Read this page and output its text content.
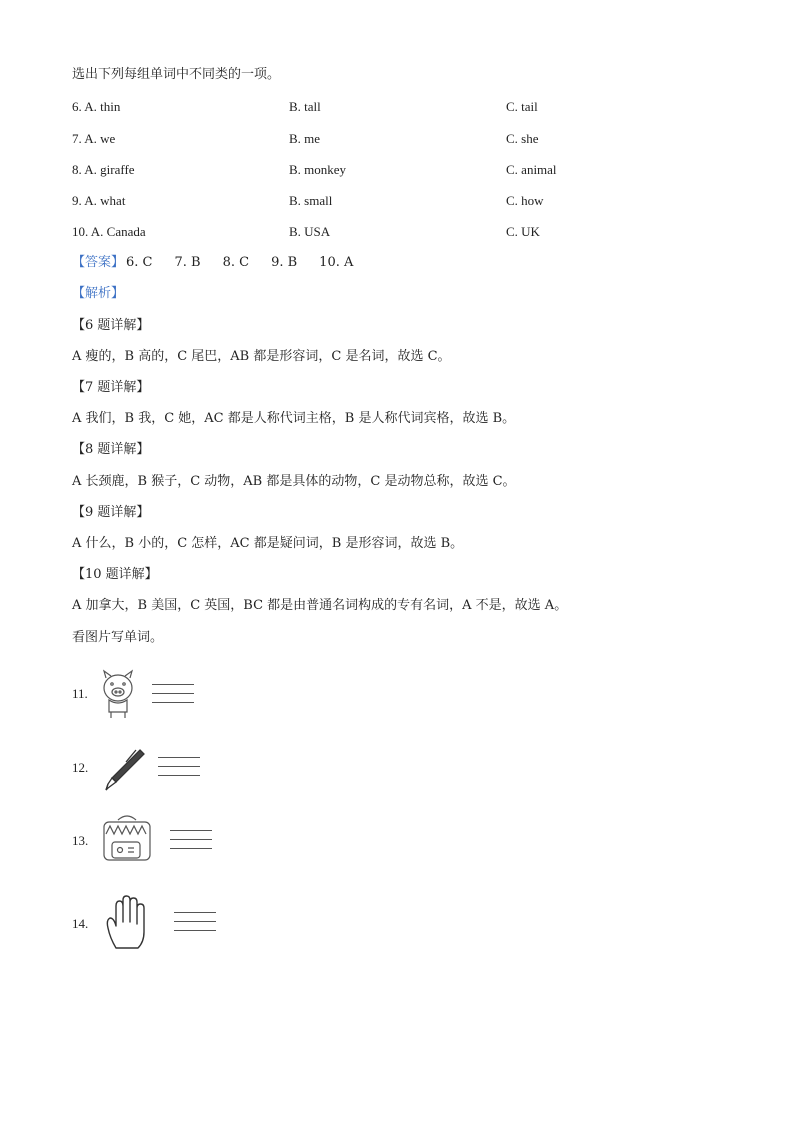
选出下列每组单词中不同类的一项。
6. A. thin	B. tall	C. tail
7. A. we	B. me	C. she
8. A. giraffe	B. monkey	C. animal
9. A. what	B. small	C. how
10. A. Canada	B. USA	C. UK
【答案】 6. C 7. B 8. C 9. B 10. A
【解析】
【6 题详解】
A 瘦的，B 高的，C 尾巴，AB 都是形容词，C 是名词，故选 C。
【7 题详解】
A 我们，B 我，C 她，AC 都是人称代词主格，B 是人称代词宾格，故选 B。
【8 题详解】
A 长颈鹿，B 猴子，C 动物，AB 都是具体的动物，C 是动物总称，故选 C。
【9 题详解】
A 什么，B 小的，C 怎样，AC 都是疑问词，B 是形容词，故选 B。
【10 题详解】
A 加拿大，B 美国，C 英国，BC 都是由普通名词构成的专有名词，A 不是，故选 A。
看图片写单词。
11.
12.
13.
14.
